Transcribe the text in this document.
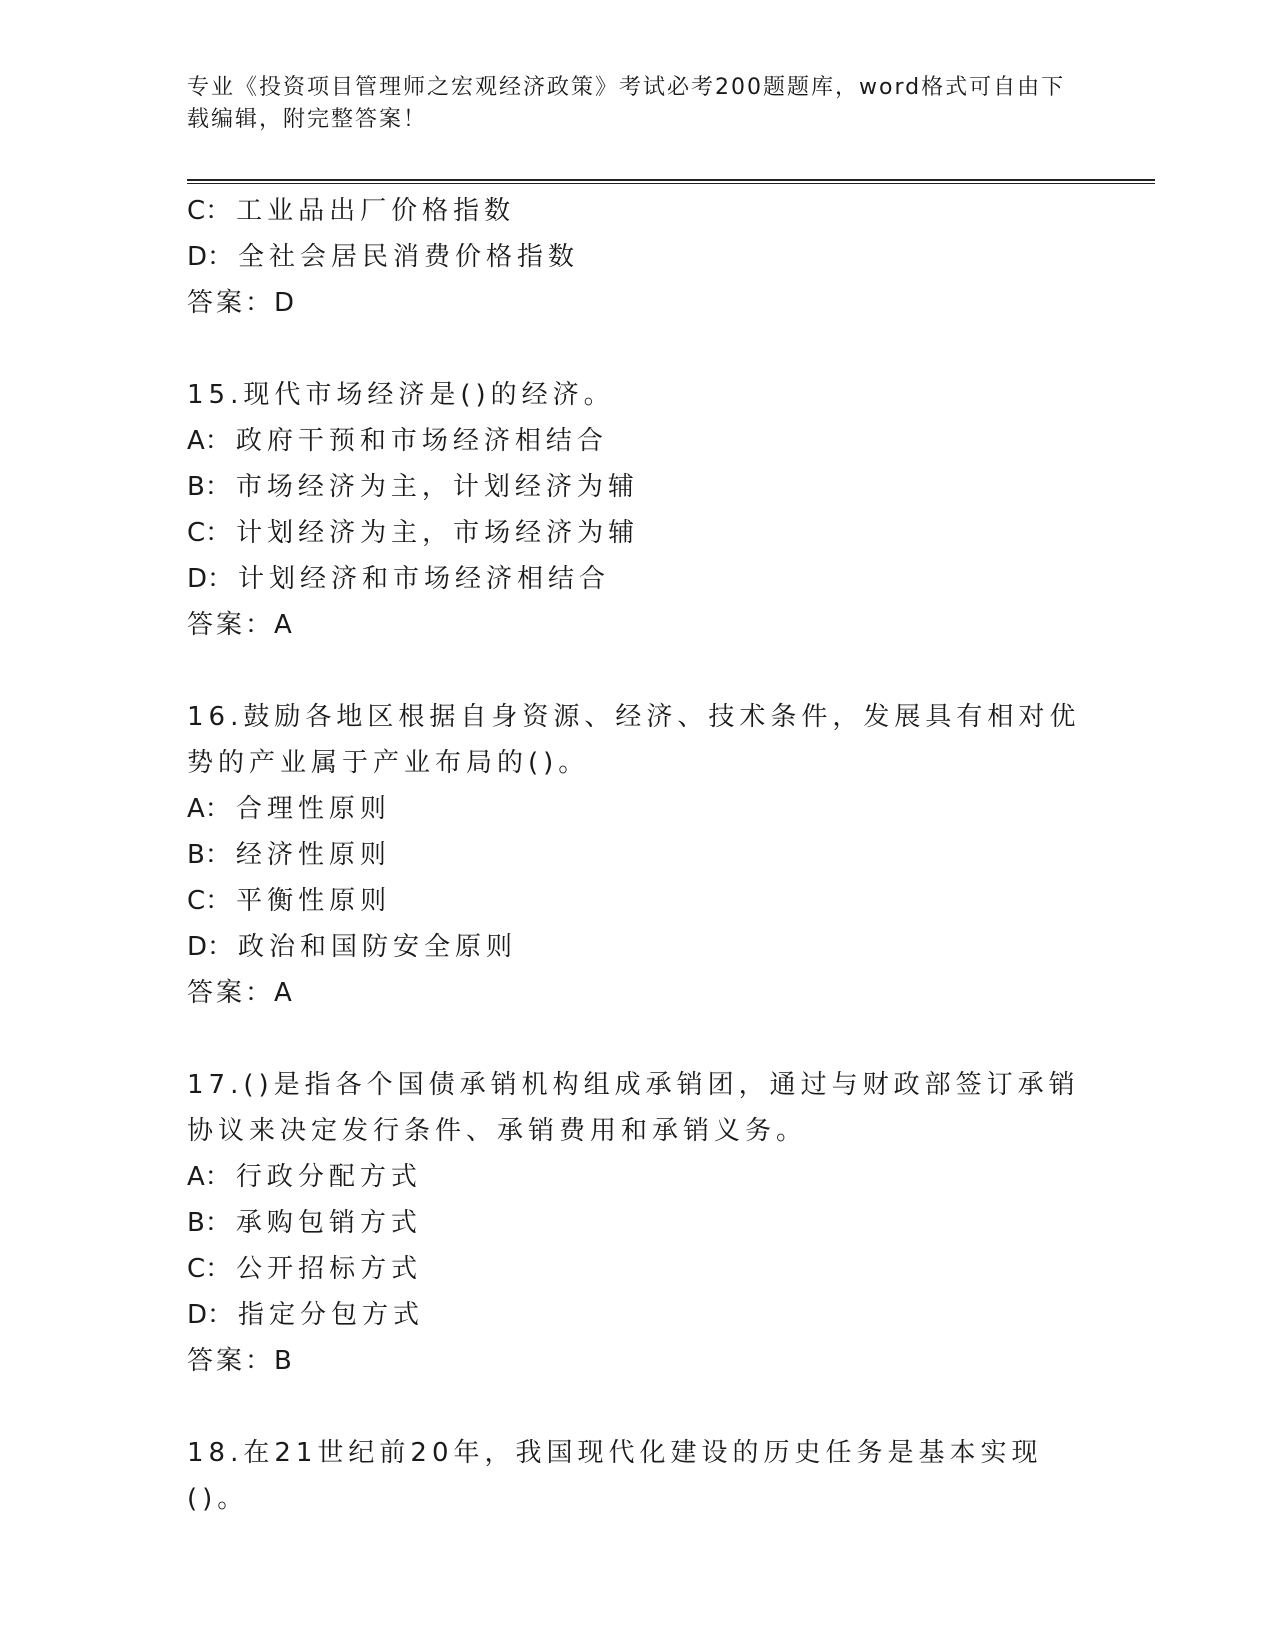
专业《投资项目管理师之宏观经济政策》考试必考200题题库，word格式可自由下载编辑，附完整答案！
C：工业品出厂价格指数
D：全社会居民消费价格指数
答案：D
15.现代市场经济是()的经济。
A：政府干预和市场经济相结合
B：市场经济为主，计划经济为辅
C：计划经济为主，市场经济为辅
D：计划经济和市场经济相结合
答案：A
16.鼓励各地区根据自身资源、经济、技术条件，发展具有相对优势的产业属于产业布局的()。
A：合理性原则
B：经济性原则
C：平衡性原则
D：政治和国防安全原则
答案：A
17.()是指各个国债承销机构组成承销团，通过与财政部签订承销协议来决定发行条件、承销费用和承销义务。
A：行政分配方式
B：承购包销方式
C：公开招标方式
D：指定分包方式
答案：B
18.在21世纪前20年，我国现代化建设的历史任务是基本实现()。
